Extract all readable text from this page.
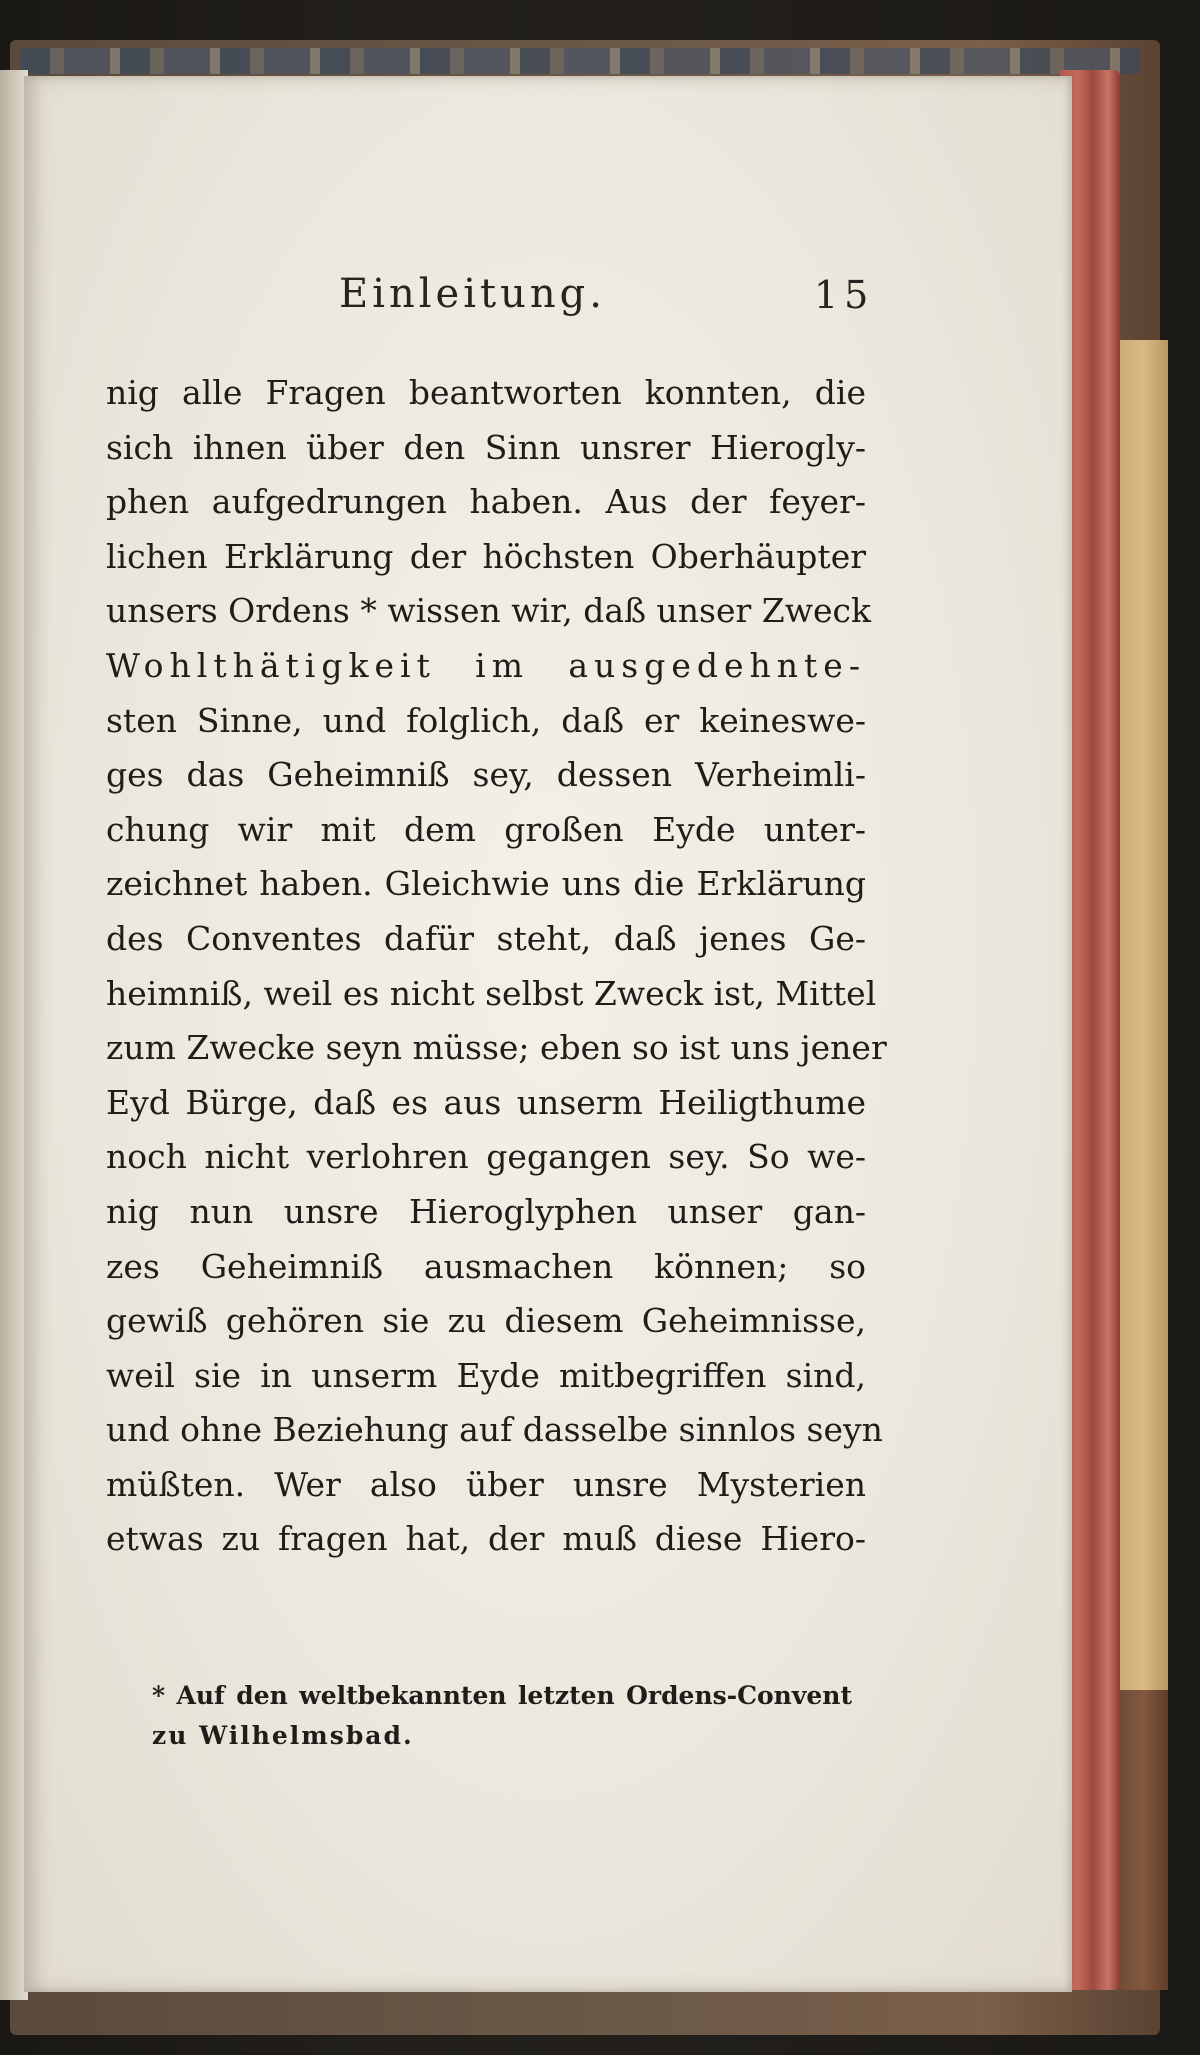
Einleitung.	15
nig alle Fragen beantworten konnten, die
sich ihnen über den Sinn unsrer Hierogly-
phen aufgedrungen haben. Aus der feyer-
lichen Erklärung der höchsten Oberhäupter
unsers Ordens * wissen wir, daß unser Zweck
Wohlthätigkeit im ausgedehnte-
sten Sinne, und folglich, daß er keineswe-
ges das Geheimniß sey, dessen Verheimli-
chung wir mit dem großen Eyde unter-
zeichnet haben. Gleichwie uns die Erklärung
des Conventes dafür steht, daß jenes Ge-
heimniß, weil es nicht selbst Zweck ist, Mittel
zum Zwecke seyn müsse; eben so ist uns jener
Eyd Bürge, daß es aus unserm Heiligthume
noch nicht verlohren gegangen sey. So we-
nig nun unsre Hieroglyphen unser gan-
zes Geheimniß ausmachen können; so
gewiß gehören sie zu diesem Geheimnisse,
weil sie in unserm Eyde mitbegriffen sind,
und ohne Beziehung auf dasselbe sinnlos seyn
müßten. Wer also über unsre Mysterien
etwas zu fragen hat, der muß diese Hiero-
* Auf den weltbekannten letzten Ordens-Convent
zu Wilhelmsbad.
